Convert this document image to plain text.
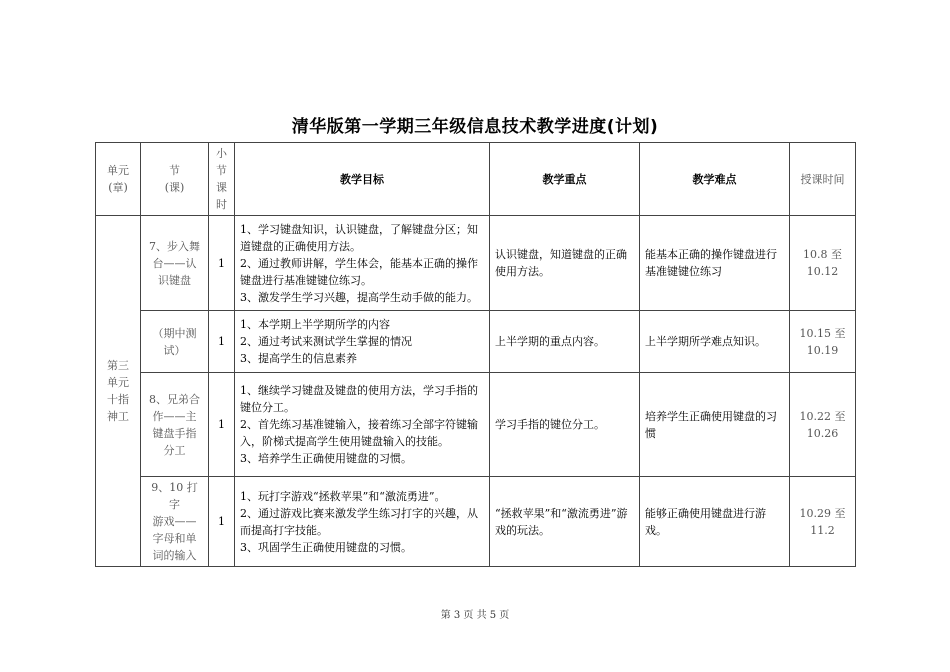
清华版第一学期三年级信息技术教学进度(计划)
单元
(章)	节
(课)	小
节
课
时	教学目标	教学重点	教学难点	授课时间

第三
单元
十指
神工	7、步入舞
台——认
识键盘	1	1、学习键盘知识，认识键盘，了解键盘分区；知道键盘的正确使用方法。
2、通过教师讲解，学生体会，能基本正确的操作键盘进行基准键键位练习。
3、激发学生学习兴趣，提高学生动手做的能力。	认识键盘，知道键盘的正确使用方法。	能基本正确的操作键盘进行基准键键位练习	10.8 至
10.12

	（期中测
试）	1	1、本学期上半学期所学的内容
2、通过考试来测试学生掌握的情况
3、提高学生的信息素养	上半学期的重点内容。	上半学期所学难点知识。	10.15 至
10.19

	8、兄弟合
作——主
键盘手指
分工	1	1、继续学习键盘及键盘的使用方法，学习手指的键位分工。
2、首先练习基准键输入，接着练习全部字符键输入，阶梯式提高学生使用键盘输入的技能。
3、培养学生正确使用键盘的习惯。	学习手指的键位分工。	培养学生正确使用键盘的习惯	10.22 至
10.26

	9、10 打字
游戏——
字母和单
词的输入	1	1、玩打字游戏“拯救苹果”和“激流勇进”。
2、通过游戏比赛来激发学生练习打字的兴趣，从而提高打字技能。
3、巩固学生正确使用键盘的习惯。	“拯救苹果”和“激流勇进”游戏的玩法。	能够正确使用键盘进行游戏。	10.29 至
11.2
第 3 页 共 5 页
